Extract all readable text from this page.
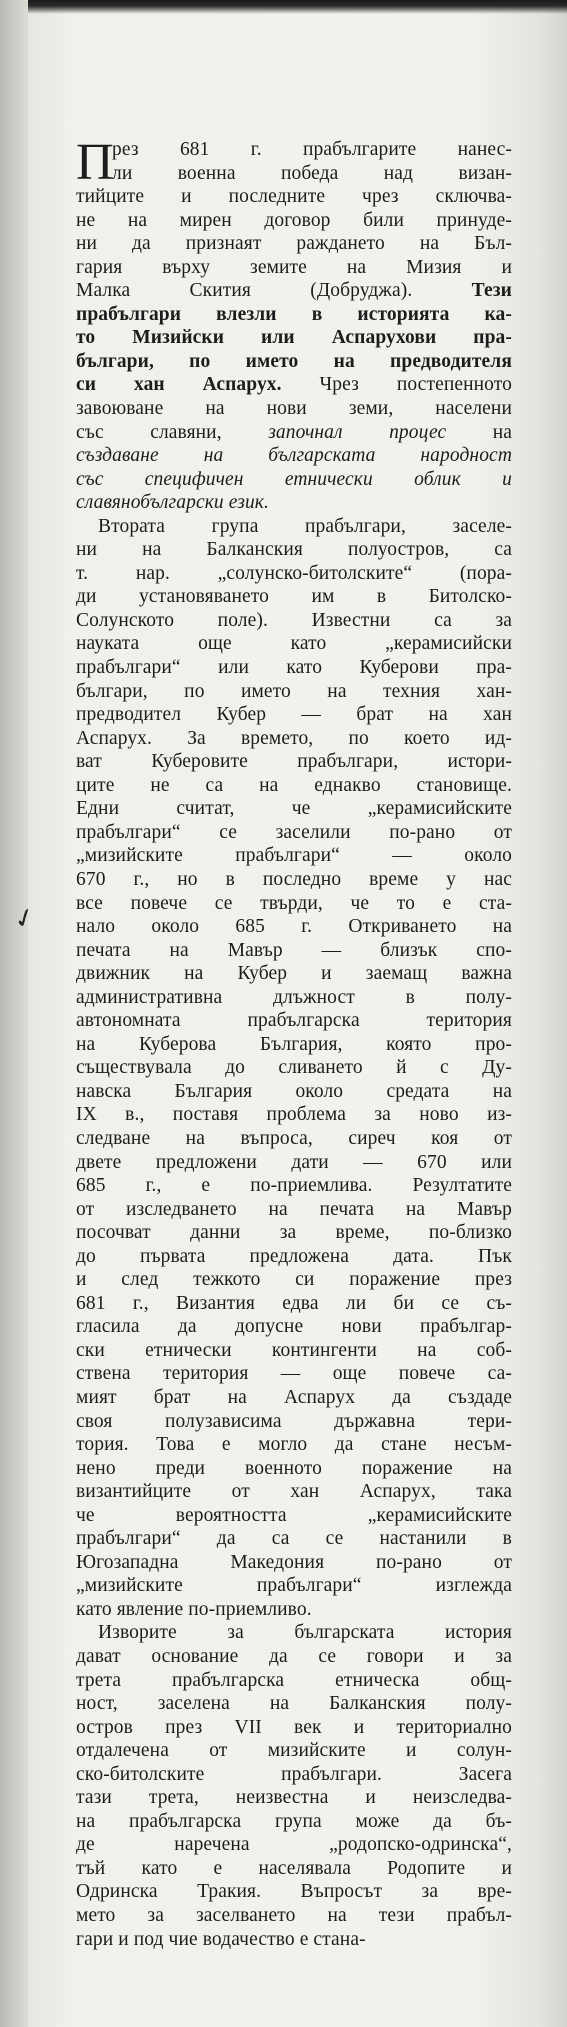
✓
П
рез 681 г. прабългарите нанес-
ли военна победа над визан-
тийците и последните чрез сключва-
не на мирен договор били принуде-
ни да признаят раждането на Бъл-
гария върху земите на Мизия и
Малка Скития (Добруджа). Тези
прабългари влезли в историята ка-
то Мизийски или Аспарухови пра-
българи, по името на предводителя
си хан Аспарух. Чрез постепенното
завоюване на нови земи, населени
със славяни, започнал процес на
създаване на българската народност
със специфичен етнически облик и
славянобългарски език.
Втората група прабългари, заселе-
ни на Балканския полуостров, са
т. нар. „солунско-битолските“ (пора-
ди установяването им в Битолско-
Солунското поле). Известни са за
науката още като „керамисийски
прабългари“ или като Куберови пра-
българи, по името на техния хан-
предводител Кубер — брат на хан
Аспарух. За времето, по което ид-
ват Куберовите прабългари, истори-
ците не са на еднакво становище.
Едни считат, че „керамисийските
прабългари“ се заселили по-рано от
„мизийските прабългари“ — около
670 г., но в последно време у нас
все повече се твърди, че то е ста-
нало около 685 г. Откриването на
печата на Мавър — близък спо-
движник на Кубер и заемащ важна
административна длъжност в полу-
автономната прабългарска територия
на Куберова България, която про-
съществувала до сливането й с Ду-
навска България около средата на
IX в., поставя проблема за ново из-
следване на въпроса, сиреч коя от
двете предложени дати — 670 или
685 г., е по-приемлива. Резултатите
от изследването на печата на Мавър
посочват данни за време, по-близко
до първата предложена дата. Пък
и след тежкото си поражение през
681 г., Византия едва ли би се съ-
гласила да допусне нови прабългар-
ски етнически контингенти на соб-
ствена територия — още повече са-
мият брат на Аспарух да създаде
своя полузависима държавна тери-
тория. Това е могло да стане несъм-
нено преди военното поражение на
византийците от хан Аспарух, така
че вероятността „керамисийските
прабългари“ да са се настанили в
Югозападна Македония по-рано от
„мизийските прабългари“ изглежда
като явление по-приемливо.
Изворите за българската история
дават основание да се говори и за
трета прабългарска етническа общ-
ност, заселена на Балканския полу-
остров през VII век и териториално
отдалечена от мизийските и солун-
ско-битолските прабългари. Засега
тази трета, неизвестна и неизследва-
на прабългарска група може да бъ-
де наречена „родопско-одринска“,
тъй като е населявала Родопите и
Одринска Тракия. Въпросът за вре-
мето за заселването на тези прабъл-
гари и под чие водачество е стана-
